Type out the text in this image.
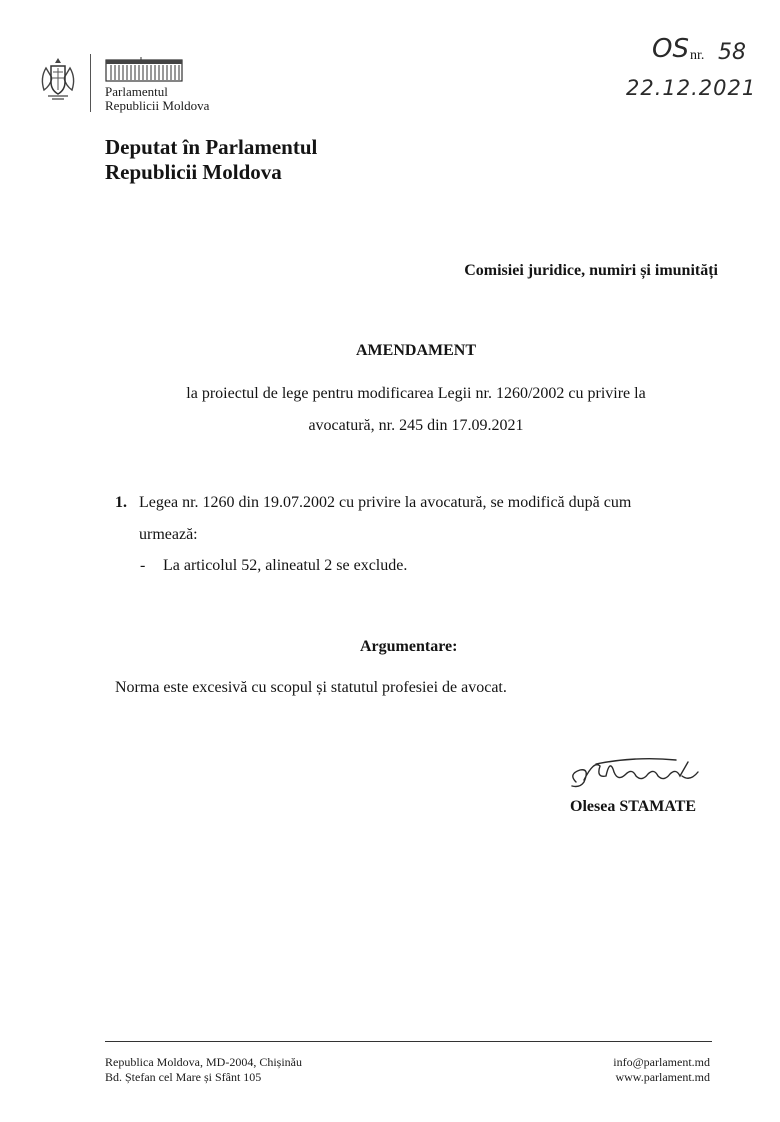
Parlamentul
Republicii Moldova
OS nr. 58
22.12.2021
Deputat în Parlamentul
Republicii Moldova
Comisiei juridice, numiri și imunități
AMENDAMENT
la proiectul de lege pentru modificarea Legii nr. 1260/2002 cu privire la
avocatură, nr. 245 din 17.09.2021
1. Legea nr. 1260 din 19.07.2002 cu privire la avocatură, se modifică după cum
urmează:
- La articolul 52, alineatul 2 se exclude.
Argumentare:
Norma este excesivă cu scopul și statutul profesiei de avocat.
Olesea STAMATE
Republica Moldova, MD-2004, Chișinău
Bd. Ștefan cel Mare și Sfânt 105
info@parlament.md
www.parlament.md
